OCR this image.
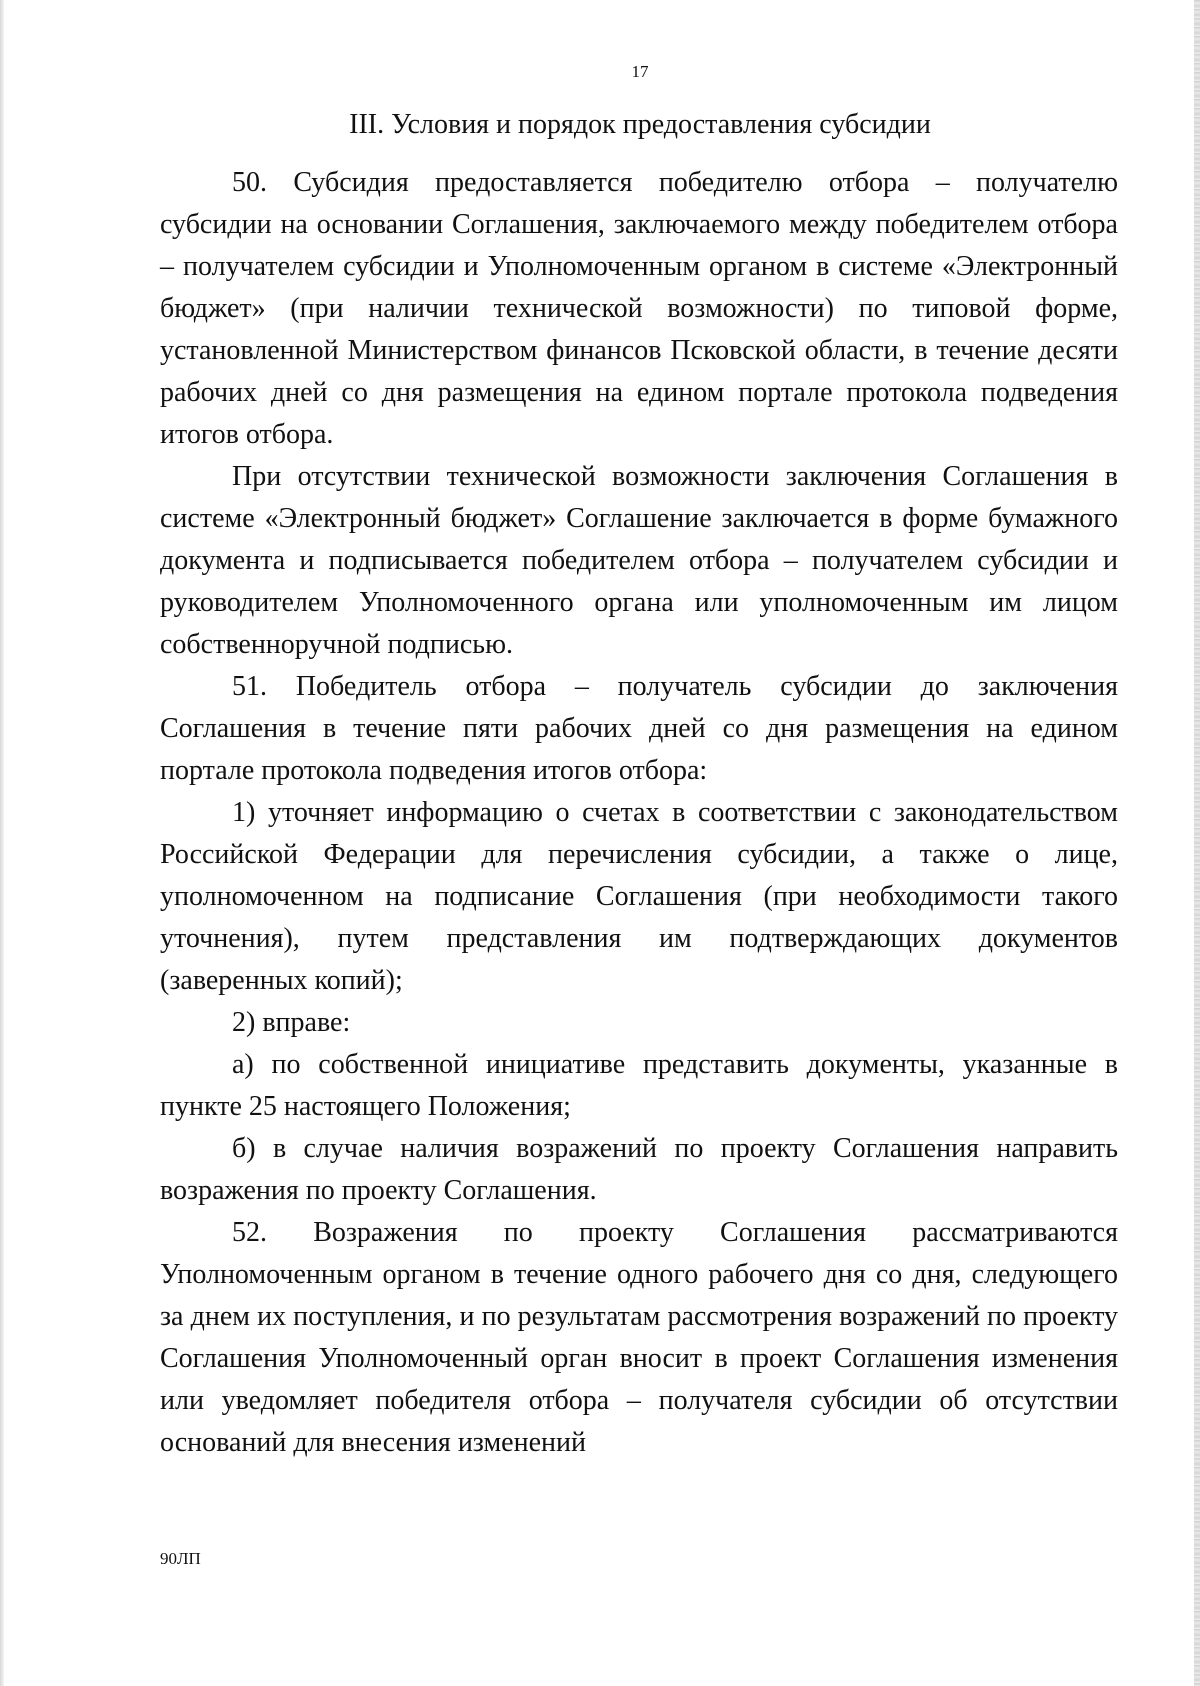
17

III. Условия и порядок предоставления субсидии

50. Субсидия предоставляется победителю отбора – получателю субсидии на основании Соглашения, заключаемого между победителем отбора – получателем субсидии и Уполномоченным органом в системе «Электронный бюджет» (при наличии технической возможности) по типовой форме, установленной Министерством финансов Псковской области, в течение десяти рабочих дней со дня размещения на едином портале протокола подведения итогов отбора.

При отсутствии технической возможности заключения Соглашения в системе «Электронный бюджет» Соглашение заключается в форме бумажного документа и подписывается победителем отбора – получателем субсидии и руководителем Уполномоченного органа или уполномоченным им лицом собственноручной подписью.

51. Победитель отбора – получатель субсидии до заключения Соглашения в течение пяти рабочих дней со дня размещения на едином портале протокола подведения итогов отбора:

1) уточняет информацию о счетах в соответствии с законодательством Российской Федерации для перечисления субсидии, а также о лице, уполномоченном на подписание Соглашения (при необходимости такого уточнения), путем представления им подтверждающих документов (заверенных копий);

2) вправе:

а) по собственной инициативе представить документы, указанные в пункте 25 настоящего Положения;

б) в случае наличия возражений по проекту Соглашения направить возражения по проекту Соглашения.

52. Возражения по проекту Соглашения рассматриваются Уполномоченным органом в течение одного рабочего дня со дня, следующего за днем их поступления, и по результатам рассмотрения возражений по проекту Соглашения Уполномоченный орган вносит в проект Соглашения изменения или уведомляет победителя отбора – получателя субсидии об отсутствии оснований для внесения изменений

90ЛП
